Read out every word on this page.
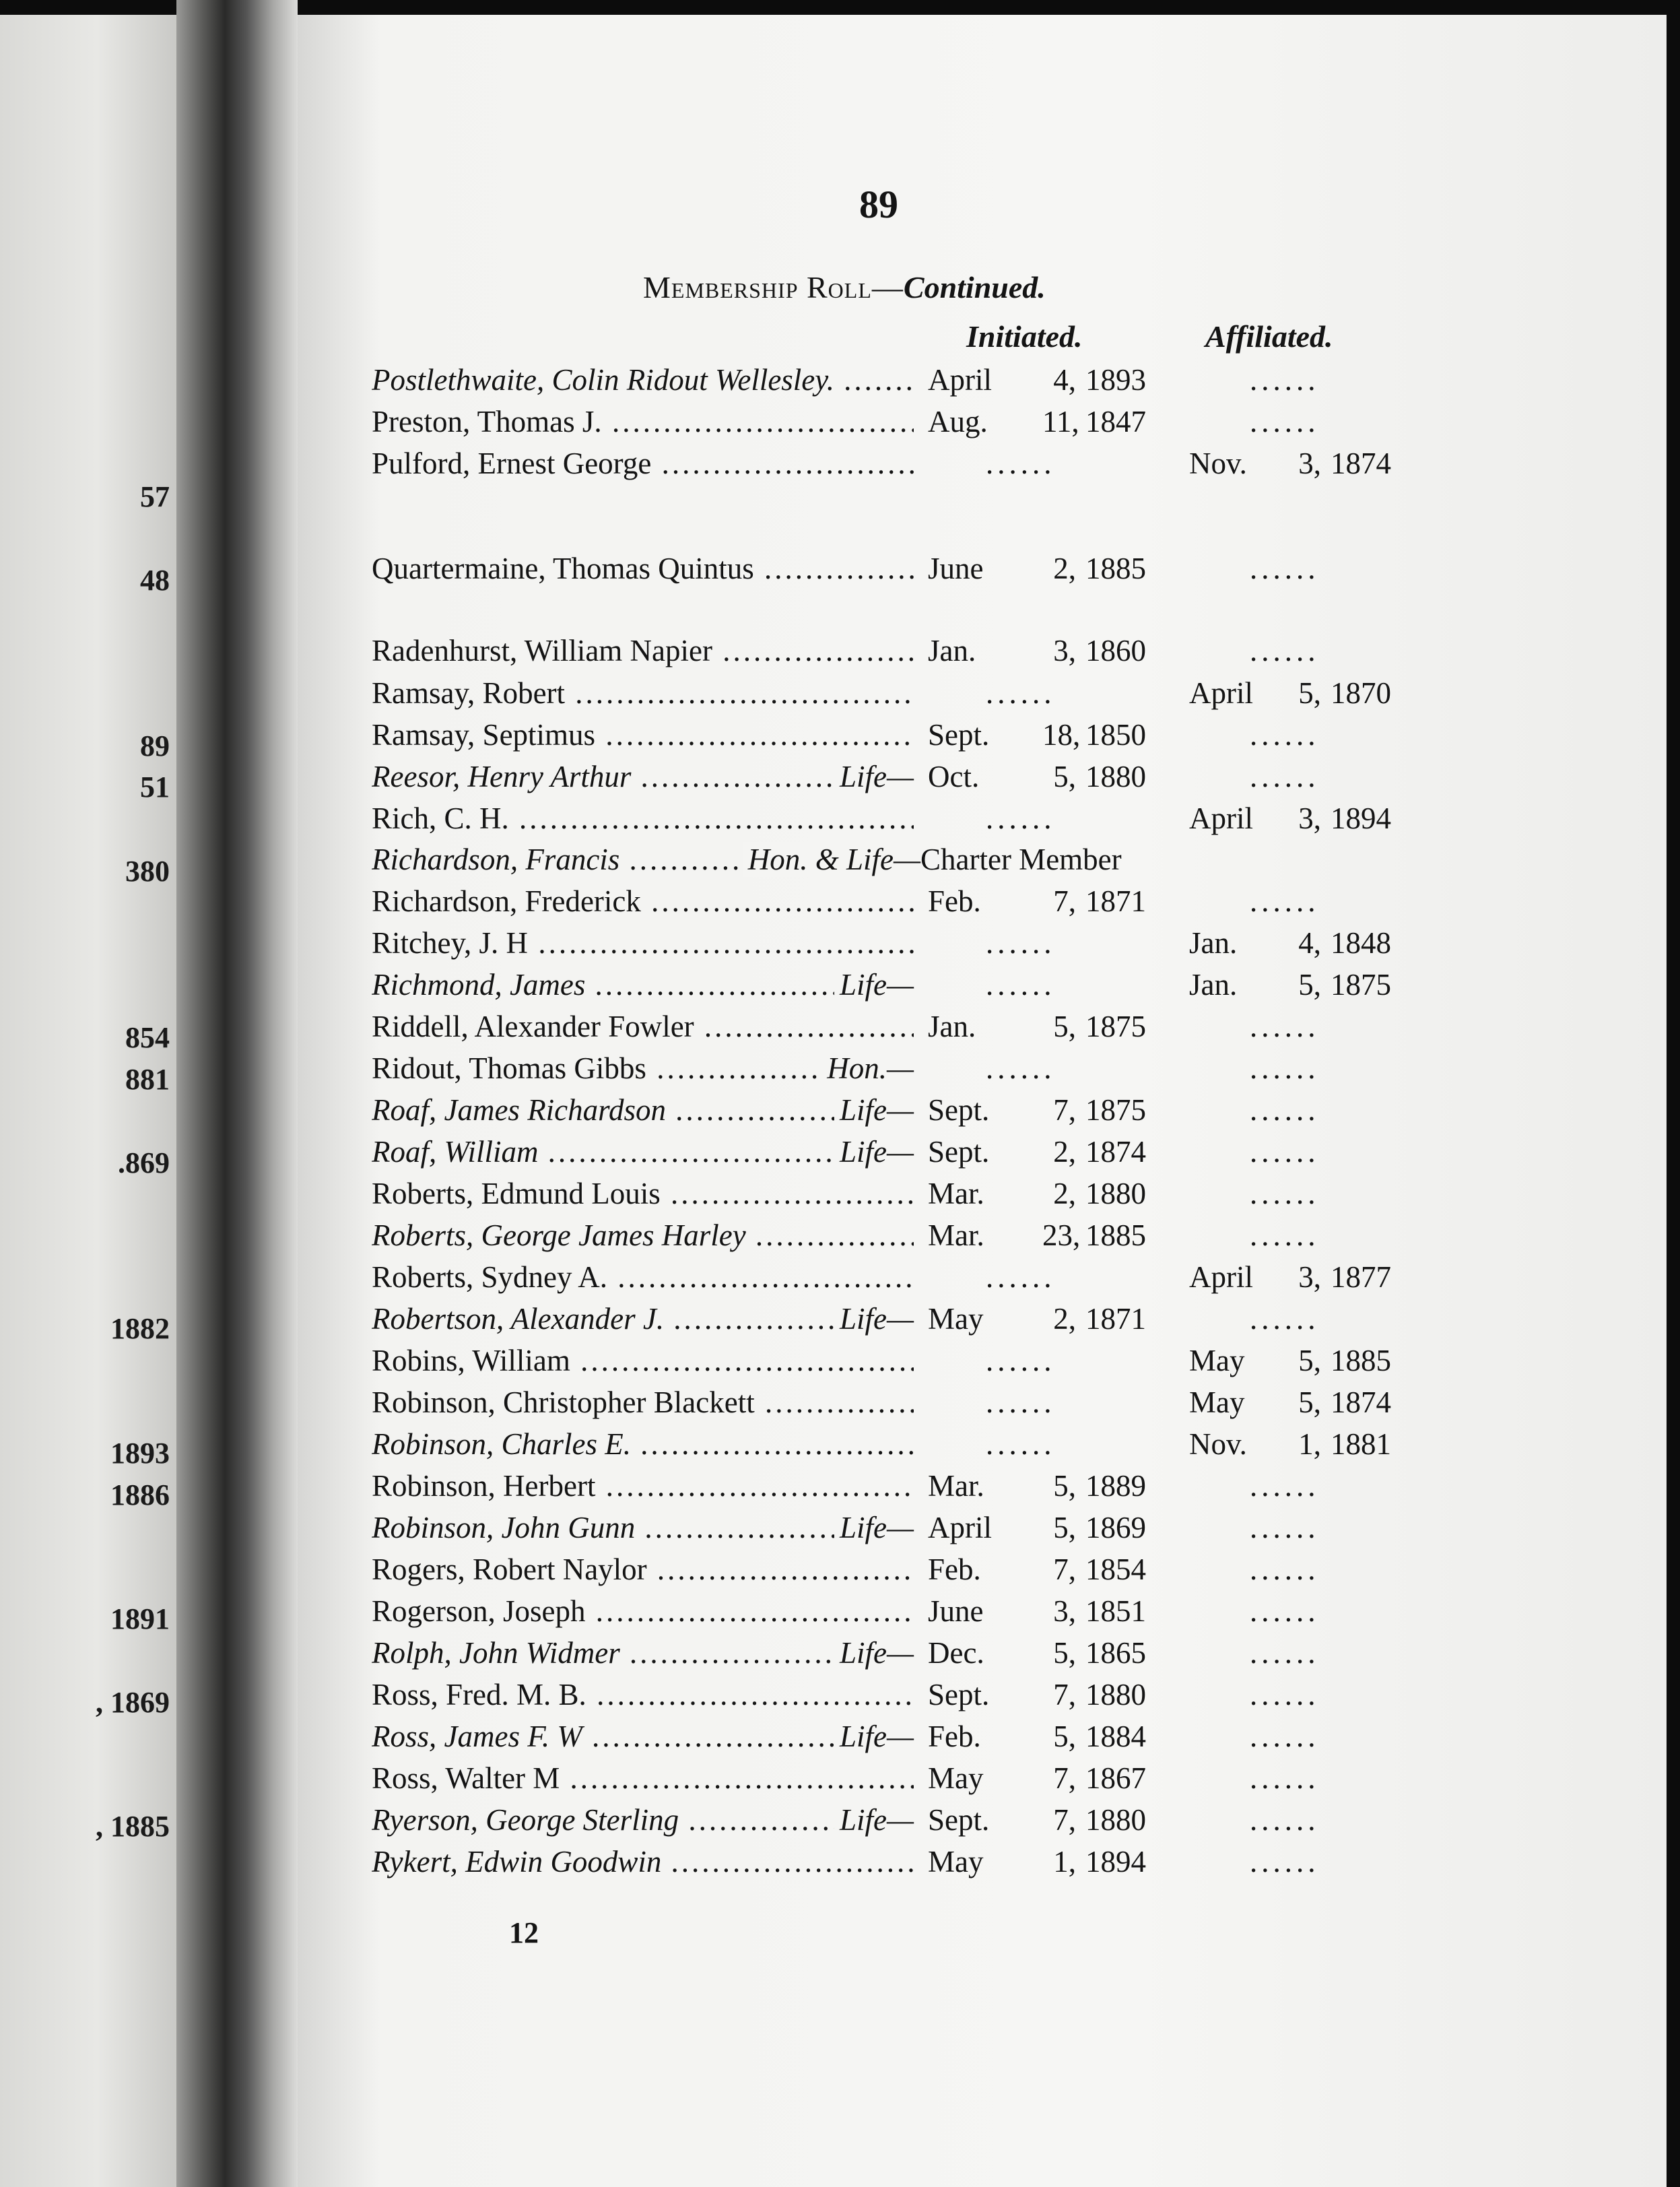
57
48
89
51
380
854
881
.869
1882
1893
1886
1891
, 1869
, 1885
89
Membership Roll—Continued.
Initiated.	Affiliated.
Postlethwaite, Colin Ridout Wellesley. .....	April	4, 1893	......
Preston, Thomas J. .....	Aug. 11, 1847	......
Pulford, Ernest George .....	......	Nov.	3, 1874
Quartermaine, Thomas Quintus .....	June	2, 1885	......
Radenhurst, William Napier .....	Jan.	3, 1860	......
Ramsay, Robert .....	......	April	5, 1870
Ramsay, Septimus .....	Sept. 18, 1850	......
Reesor, Henry Arthur .....	Life— Oct.	5, 1880	......
Rich, C. H. .....	......	April	3, 1894
Richardson, Francis .....	Hon. & Life— Charter Member
Richardson, Frederick .....	Feb.	7, 1871	......
Ritchey, J. H .....	......	Jan.	4, 1848
Richmond, James .....	Life— ......	Jan.	5, 1875
Riddell, Alexander Fowler .....	Jan.	5, 1875	......
Ridout, Thomas Gibbs .....	Hon.— ......	......
Roaf, James Richardson .....	Life— Sept.	7, 1875	......
Roaf, William .....	Life— Sept.	2, 1874	......
Roberts, Edmund Louis .....	Mar.	2, 1880	......
Roberts, George James Harley .....	Mar. 23, 1885	......
Roberts, Sydney A. .....	......	April	3, 1877
Robertson, Alexander J. .....	Life— May	2, 1871	......
Robins, William .....	......	May	5, 1885
Robinson, Christopher Blackett .....	......	May	5, 1874
Robinson, Charles E. .....	......	Nov.	1, 1881
Robinson, Herbert .....	Mar.	5, 1889	......
Robinson, John Gunn .....	Life— April	5, 1869	......
Rogers, Robert Naylor .....	Feb.	7, 1854	......
Rogerson, Joseph .....	June	3, 1851	......
Rolph, John Widmer .....	Life— Dec.	5, 1865	......
Ross, Fred. M. B. .....	Sept.	7, 1880	......
Ross, James F. W .....	Life— Feb.	5, 1884	......
Ross, Walter M .....	May	7, 1867	......
Ryerson, George Sterling .....	Life— Sept.	7, 1880	......
Rykert, Edwin Goodwin .....	May	1, 1894	......
12
